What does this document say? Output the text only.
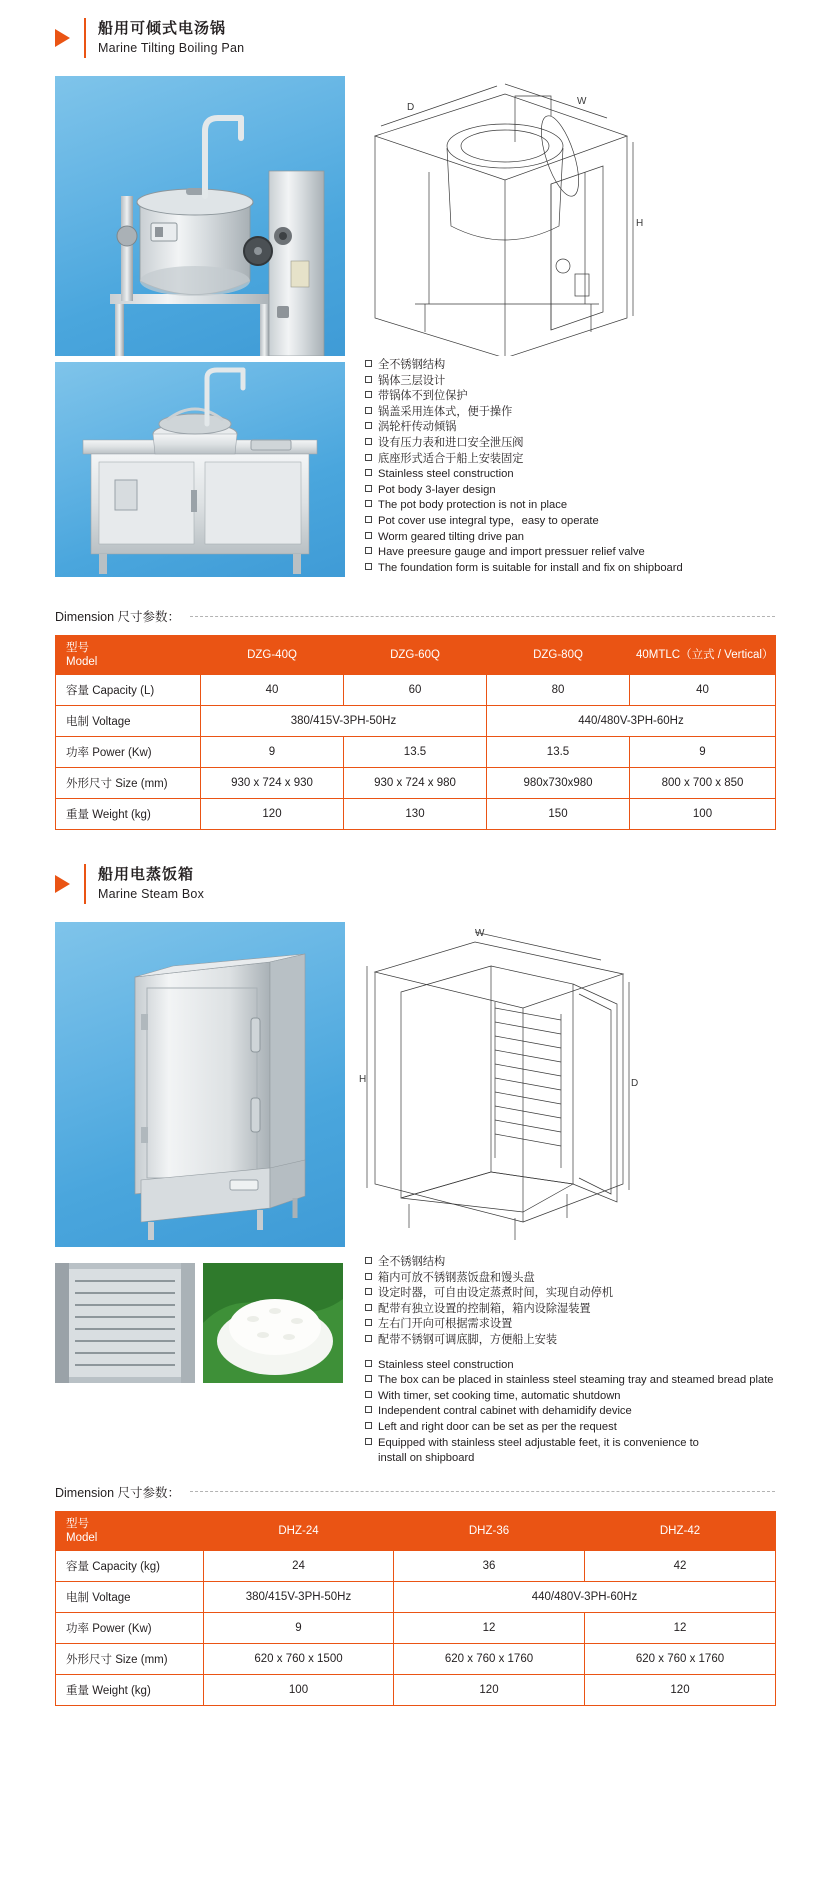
船用可倾式电汤锅
Marine Tilting Boiling Pan
W
H
D
全不锈钢结构
锅体三层设计
带锅体不到位保护
锅盖采用连体式，便于操作
涡轮杆传动倾锅
设有压力表和进口安全泄压阀
底座形式适合于船上安装固定
Stainless steel construction
Pot body 3-layer design
The pot body protection is not in place
Pot cover use integral type，easy to operate
Worm geared tilting drive pan
Have preesure gauge and import pressuer relief valve
The foundation form is suitable for install and fix on shipboard
Dimension 尺寸参数：
型号
Model	DZG-40Q	DZG-60Q	DZG-80Q	40MTLC（立式 / Vertical）
容量 Capacity (L)	40	60	80	40
电制 Voltage	380/415V-3PH-50Hz		440/480V-3PH-60Hz	
功率 Power (Kw)	9	13.5	13.5	9
外形尺寸 Size (mm)	930 x 724 x 930	930 x 724 x 980	980x730x980	800 x 700 x 850
重量 Weight (kg)	120	130	150	100
船用电蒸饭箱
Marine Steam Box
W
H	D
全不锈钢结构
箱内可放不锈钢蒸饭盘和馒头盘
设定时器，可自由设定蒸煮时间，实现自动停机
配带有独立设置的控制箱，箱内设除湿装置
左右门开向可根据需求设置
配带不锈钢可调底脚，方便船上安装
Stainless steel construction
The box can be placed in stainless steel steaming tray and steamed bread plate
With timer, set cooking time, automatic shutdown
Independent contral cabinet with dehamidify device
Left and right door can be set as per the request
Equipped with stainless steel adjustable feet, it is convenience to
install on shipboard
Dimension 尺寸参数：
型号
Model	DHZ-24	DHZ-36	DHZ-42
容量 Capacity (kg)	24	36	42
电制 Voltage	380/415V-3PH-50Hz	440/480V-3PH-60Hz	
功率 Power (Kw)	9	12	12
外形尺寸 Size (mm)	620 x 760 x 1500	620 x 760 x 1760	620 x 760 x 1760
重量 Weight (kg)	100	120	120
